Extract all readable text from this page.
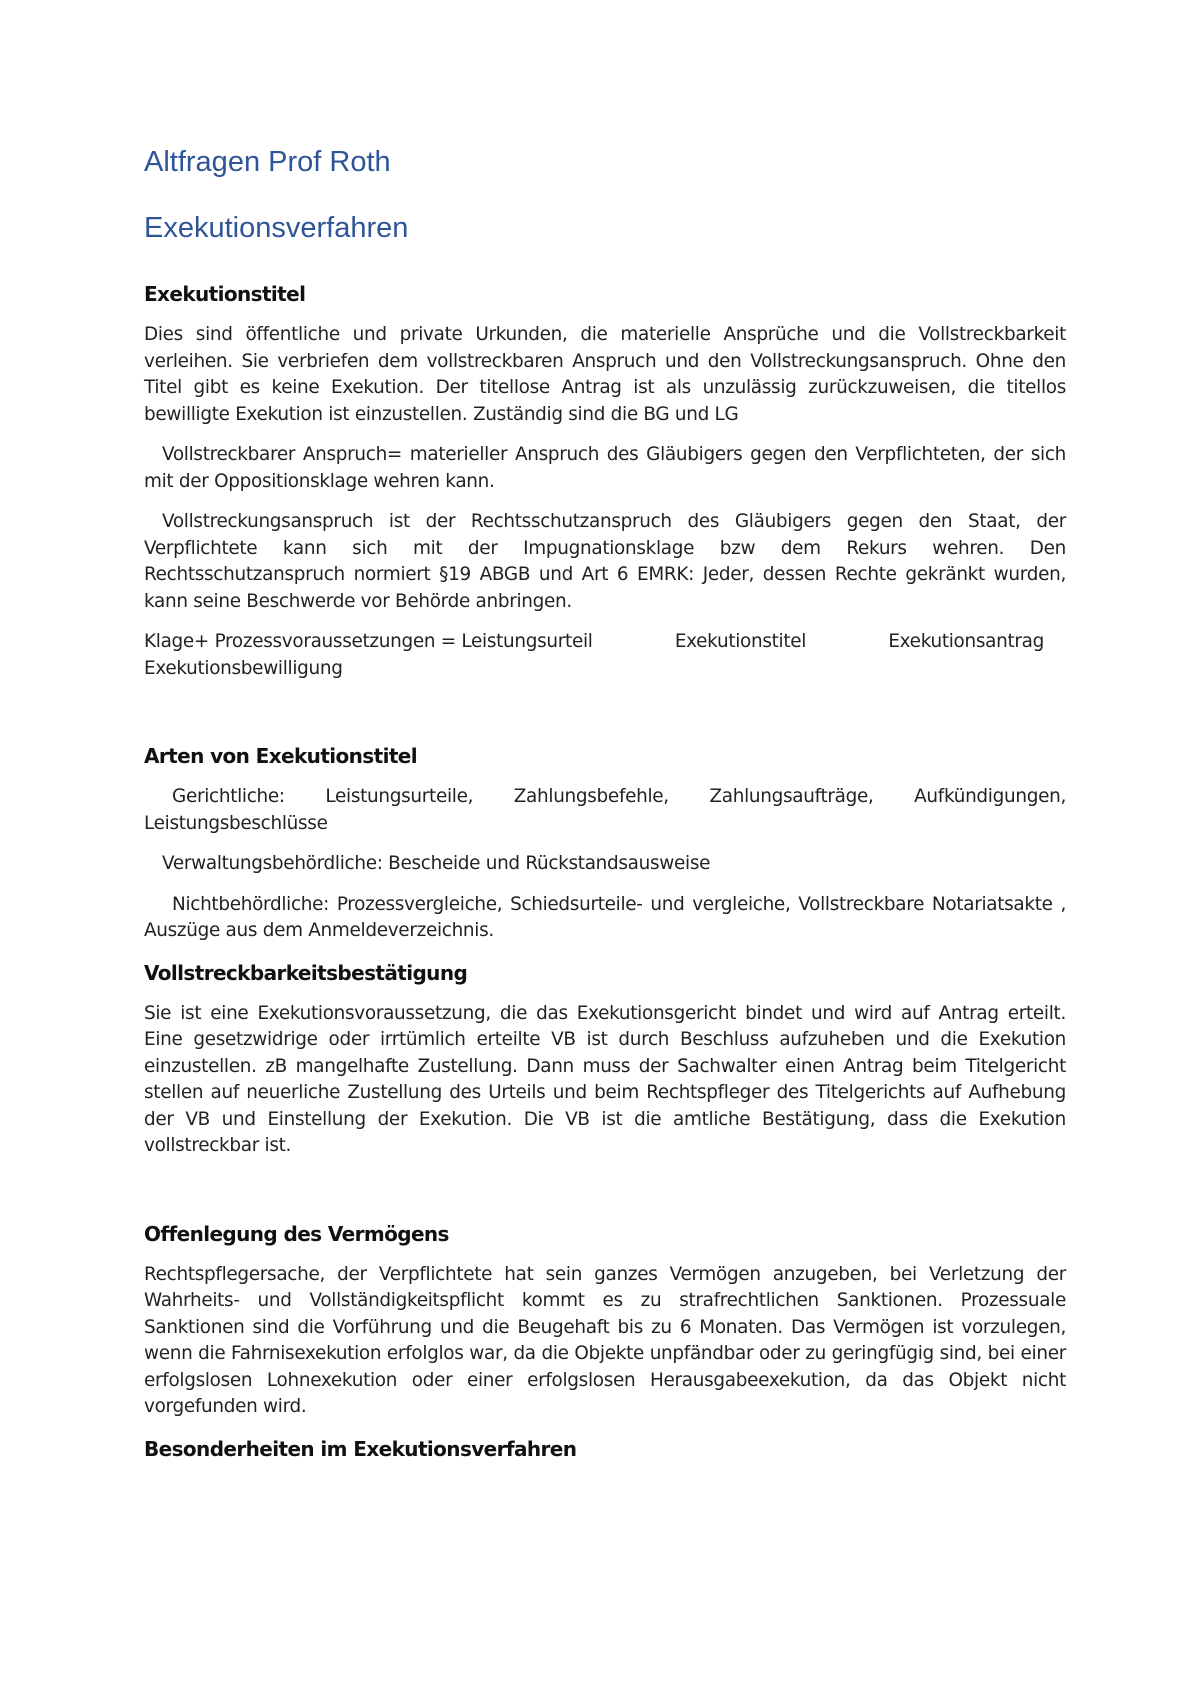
Altfragen Prof Roth
Exekutionsverfahren
Exekutionstitel

Dies sind öffentliche und private Urkunden, die materielle Ansprüche und die Vollstreckbarkeit verleihen. Sie verbriefen dem vollstreckbaren Anspruch und den Vollstreckungsanspruch. Ohne den Titel gibt es keine Exekution. Der titellose Antrag ist als unzulässig zurückzuweisen, die titellos bewilligte Exekution ist einzustellen. Zuständig sind die BG und LG

Vollstreckbarer Anspruch= materieller Anspruch des Gläubigers gegen den Verpflichteten, der sich mit der Oppositionsklage wehren kann.

Vollstreckungsanspruch ist der Rechtsschutzanspruch des Gläubigers gegen den Staat, der Verpflichtete kann sich mit der Impugnationsklage bzw dem Rekurs wehren. Den Rechtsschutzanspruch normiert §19 ABGB und Art 6 EMRK: Jeder, dessen Rechte gekränkt wurden, kann seine Beschwerde vor Behörde anbringen.

Klage+ Prozessvoraussetzungen = Leistungsurteil	Exekutionstitel	Exekutionsantrag

Exekutionsbewilligung

Arten von Exekutionstitel

Gerichtliche: Leistungsurteile, Zahlungsbefehle, Zahlungsaufträge, Aufkündigungen, Leistungsbeschlüsse

Verwaltungsbehördliche: Bescheide und Rückstandsausweise

Nichtbehördliche: Prozessvergleiche, Schiedsurteile- und vergleiche, Vollstreckbare Notariatsakte , Auszüge aus dem Anmeldeverzeichnis.

Vollstreckbarkeitsbestätigung

Sie ist eine Exekutionsvoraussetzung, die das Exekutionsgericht bindet und wird auf Antrag erteilt. Eine gesetzwidrige oder irrtümlich erteilte VB ist durch Beschluss aufzuheben und die Exekution einzustellen. zB mangelhafte Zustellung. Dann muss der Sachwalter einen Antrag beim Titelgericht stellen auf neuerliche Zustellung des Urteils und beim Rechtspfleger des Titelgerichts auf Aufhebung der VB und Einstellung der Exekution. Die VB ist die amtliche Bestätigung, dass die Exekution vollstreckbar ist.

Offenlegung des Vermögens

Rechtspflegersache, der Verpflichtete hat sein ganzes Vermögen anzugeben, bei Verletzung der Wahrheits- und Vollständigkeitspflicht kommt es zu strafrechtlichen Sanktionen. Prozessuale Sanktionen sind die Vorführung und die Beugehaft bis zu 6 Monaten. Das Vermögen ist vorzulegen, wenn die Fahrnisexekution erfolglos war, da die Objekte unpfändbar oder zu geringfügig sind, bei einer erfolgslosen Lohnexekution oder einer erfolgslosen Herausgabeexekution, da das Objekt nicht vorgefunden wird.

Besonderheiten im Exekutionsverfahren
